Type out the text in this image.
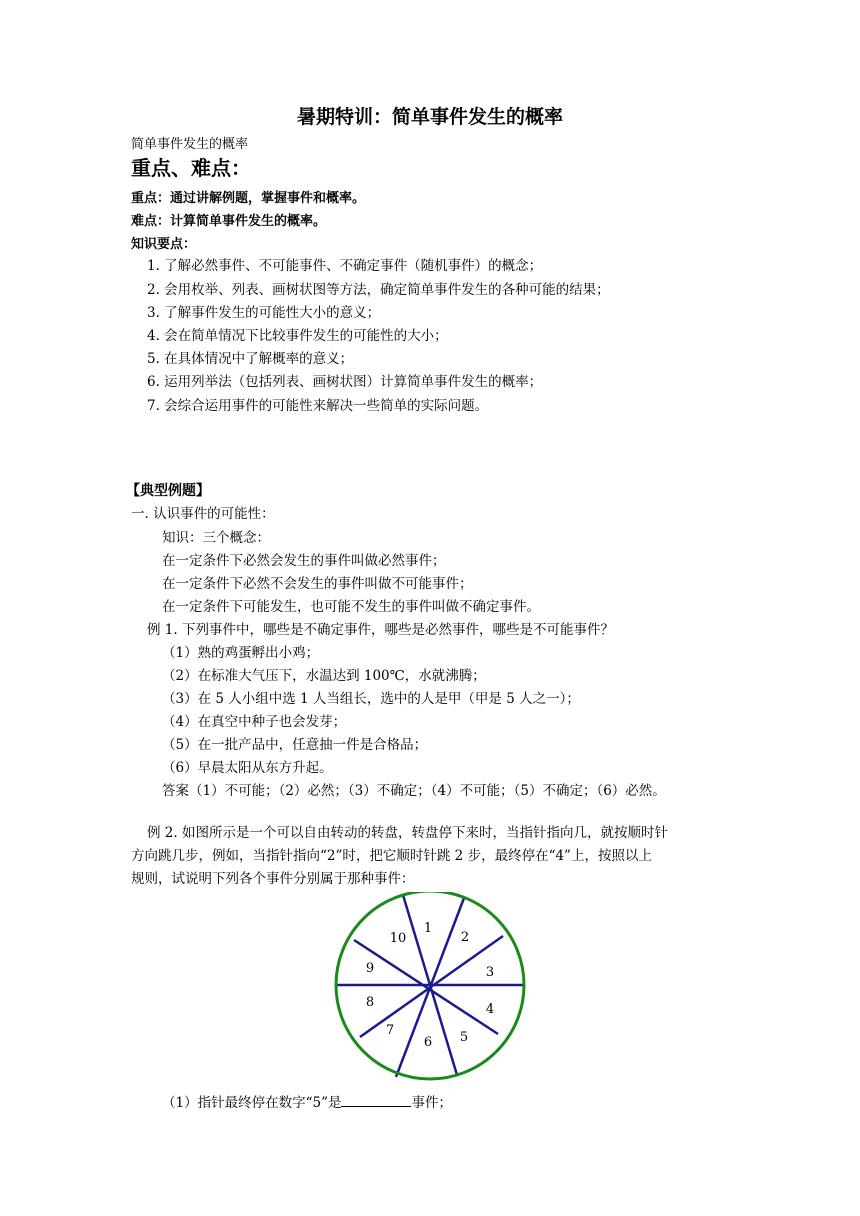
暑期特训：简单事件发生的概率
简单事件发生的概率
重点、难点：
重点：通过讲解例题，掌握事件和概率。
难点：计算简单事件发生的概率。
知识要点：
1. 了解必然事件、不可能事件、不确定事件（随机事件）的概念；
2. 会用枚举、列表、画树状图等方法，确定简单事件发生的各种可能的结果；
3. 了解事件发生的可能性大小的意义；
4. 会在简单情况下比较事件发生的可能性的大小；
5. 在具体情况中了解概率的意义；
6. 运用列举法（包括列表、画树状图）计算简单事件发生的概率；
7. 会综合运用事件的可能性来解决一些简单的实际问题。
【典型例题】
一. 认识事件的可能性：
知识：三个概念：
在一定条件下必然会发生的事件叫做必然事件；
在一定条件下必然不会发生的事件叫做不可能事件；
在一定条件下可能发生，也可能不发生的事件叫做不确定事件。
例 1. 下列事件中，哪些是不确定事件，哪些是必然事件，哪些是不可能事件？
（1）熟的鸡蛋孵出小鸡；
（2）在标准大气压下，水温达到 100℃，水就沸腾；
（3）在 5 人小组中选 1 人当组长，选中的人是甲（甲是 5 人之一）；
（4）在真空中种子也会发芽；
（5）在一批产品中，任意抽一件是合格品；
（6）早晨太阳从东方升起。
答案（1）不可能；（2）必然；（3）不确定；（4）不可能；（5）不确定；（6）必然。
例 2. 如图所示是一个可以自由转动的转盘，转盘停下来时，当指针指向几，就按顺时针
方向跳几步，例如，当指针指向“2”时，把它顺时针跳 2 步，最终停在“4”上，按照以上
规则，试说明下列各个事件分别属于那种事件：
1
2
3
4
5
6
7
8
9
10
（1）指针最终停在数字“5”是	事件；
